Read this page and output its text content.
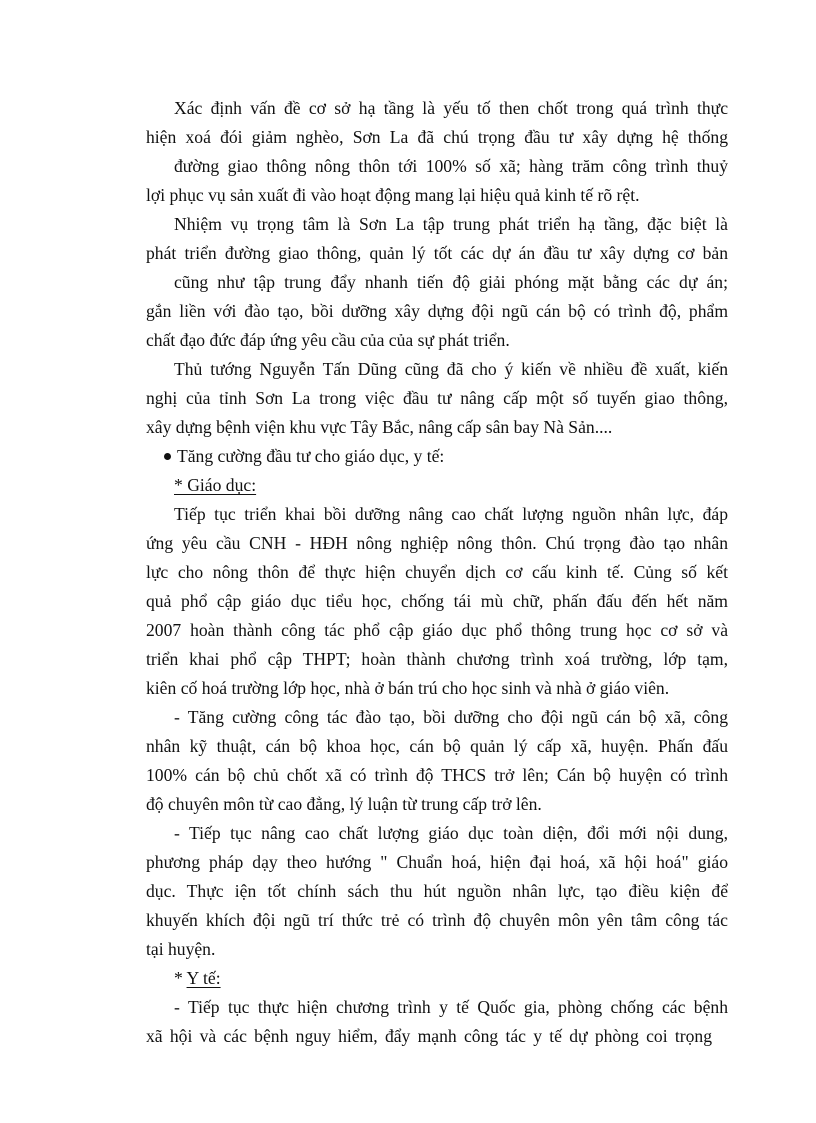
Xác định vấn đề cơ sở hạ tầng là yếu tố then chốt trong quá trình thực

hiện xoá đói giảm nghèo, Sơn La đã chú trọng đầu tư xây dựng hệ thống

đường giao thông nông thôn tới 100% số xã; hàng trăm công trình thuỷ

lợi phục vụ sản xuất đi vào hoạt động mang lại hiệu quả kinh tế rõ rệt.

Nhiệm vụ trọng tâm là Sơn La tập trung phát triển hạ tầng, đặc biệt là

phát triển đường giao thông, quản lý tốt các dự án đầu tư xây dựng cơ bản

cũng như tập trung đẩy nhanh tiến độ giải phóng mặt bằng các dự án;

gắn liền với đào tạo, bồi dưỡng xây dựng đội ngũ cán bộ có trình độ, phẩm

chất đạo đức đáp ứng yêu cầu của của sự phát triển.

Thủ tướng Nguyễn Tấn Dũng cũng đã cho ý kiến về nhiều đề xuất, kiến

nghị của tỉnh Sơn La trong việc đầu tư nâng cấp một số tuyến giao thông,

xây dựng bệnh viện khu vực Tây Bắc, nâng cấp sân bay Nà Sản....

Tăng cường đầu tư cho giáo dục, y tế:

* Giáo dục:

Tiếp tục triển khai bồi dưỡng nâng cao chất lượng nguồn nhân lực, đáp

ứng yêu cầu CNH - HĐH nông nghiệp nông thôn. Chú trọng đào tạo nhân

lực cho nông thôn để thực hiện chuyển dịch cơ cấu kinh tế. Củng số kết

quả phổ cập giáo dục tiểu học, chống tái mù chữ, phấn đấu đến hết năm

2007 hoàn thành công tác phổ cập giáo dục phổ thông trung học cơ sở và

triển khai phổ cập THPT; hoàn thành chương trình xoá trường, lớp tạm,

kiên cố hoá trường lớp học, nhà ở bán trú cho học sinh và nhà ở giáo viên.

- Tăng cường công tác đào tạo, bồi dưỡng cho đội ngũ cán bộ xã, công

nhân kỹ thuật, cán bộ khoa học, cán bộ quản lý cấp xã, huyện. Phấn đấu

100% cán bộ chủ chốt xã có trình độ THCS trở lên; Cán bộ huyện có trình

độ chuyên môn từ cao đẳng, lý luận từ trung cấp trở lên.

- Tiếp tục nâng cao chất lượng giáo dục toàn diện, đổi mới nội dung,

phương pháp dạy theo hướng " Chuẩn hoá, hiện đại hoá, xã hội hoá" giáo

dục. Thực iện tốt chính sách thu hút nguồn nhân lực, tạo điều kiện để

khuyến khích đội ngũ trí thức trẻ có trình độ chuyên môn yên tâm công tác

tại huyện.

* Y tế:

- Tiếp tục thực hiện chương trình y tế Quốc gia, phòng chống các bệnh

xã hội và các bệnh nguy hiểm, đẩy mạnh công tác y tế dự phòng coi trọng
